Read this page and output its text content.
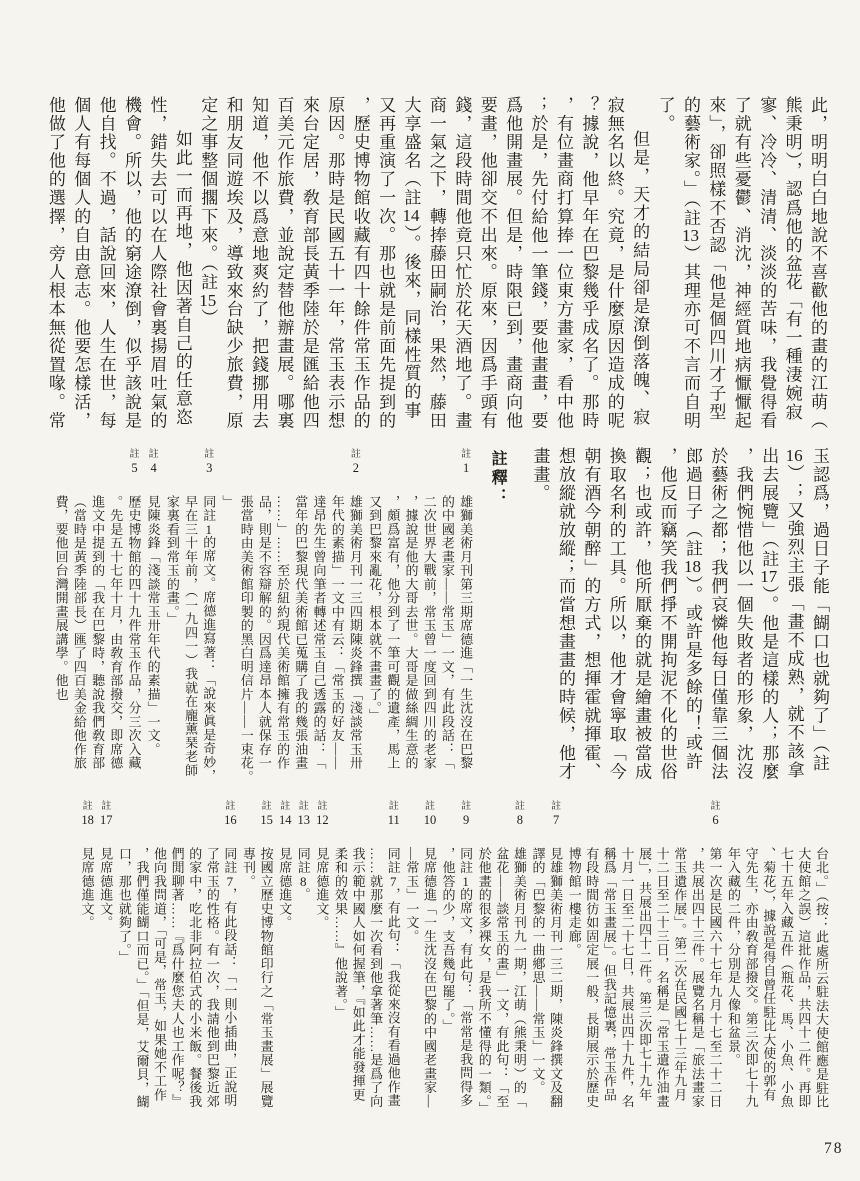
此，明明白白地說不喜歡他的畫的江萌（熊秉明），認爲他的盆花「有一種淒婉寂寥、冷冷、清清、淡淡的苦味，我覺得看了就有些憂鬱、消沈，神經質地病懨懨起來」，卻照樣不否認「他是個四川才子型的藝術家。」（註13）其理亦可不言而自明了。

但是，天才的結局卻是潦倒落魄、寂寂無名以終。究竟，是什麼原因造成的呢？據說，他早年在巴黎幾乎成名了。那時，有位畫商打算捧一位東方畫家，看中他；於是，先付給他一筆錢，要他畫畫，要爲他開畫展。但是，時限已到，畫商向他要畫，他卻交不出來。原來，因爲手頭有錢，這段時間他竟只忙於花天酒地了。畫商一氣之下，轉捧藤田嗣治，果然，藤田大享盛名（註14）。後來，同樣性質的事又再重演了一次。那也就是前面先提到的，歷史博物館收藏有四十餘件常玉作品的原因。那時是民國五十一年，常玉表示想來台定居，敎育部長黃季陸於是匯給他四百美元作旅費，並說定替他辦畫展。哪裏知道，他不以爲意地爽約了，把錢挪用去和朋友同遊埃及，導致來台缺少旅費，原定之事整個擱下來。（註15）

如此一而再地，他因著自己的任意恣性，錯失去可以在人際社會裏揚眉吐氣的機會。所以，他的窮途潦倒，似乎該說是他自找。不過，話說回來，人生在世，每個人有每個人的自由意志。他要怎樣活，他做了他的選擇，旁人根本無從置喙。常

玉認爲，過日子能「餬口也就夠了」（註16）；又強烈主張「畫不成熟，就不該拿出去展覽」（註17）。他是這樣的人；那麼，我們惋惜他以一個失敗者的形象，沈沒於藝術之都；我們哀憐他每日僅靠三個法郎過日子（註18）。或許是多餘的！或許，他反而竊笑我們掙不開拘泥不化的世俗觀；也或許，他所厭棄的就是繪畫被當成換取名利的工具。所以，他才會寧取「今朝有酒今朝醉」的方式，想揮霍就揮霍、想放縱就放縱；而當想畫畫的時候，他才畫畫。

註釋：
註
1
雄獅美術月刊第三期席德進「一生沈沒在巴黎的中國老畫家——常玉」一文，有此段話：「二次世界大戰前，常玉曾一度回到四川的老家，據說是他的大哥去世。大哥是做絲綢生意的，頗爲富有，他分到了一筆可觀的遺產，馬上又到巴黎來亂花，根本就不畫畫了。」
註
2
雄獅美術月刊一三四期陳炎鋒撰「淺談常玉卅年代的素描」一文中有云：「常玉的好友——達昂先生曾向筆者轉述常玉自己透露的話：「當年的巴黎現代美術館已蒐購了我的幾張油畫……」……至於紐約現代美術館擁有常玉的作品，則是不容辯解的。因爲達昂本人就保存一張當時由美術館印製的黑白明信片——一束花。」
註
3
同註1的席文。席德進寫著：「說來眞是奇妙，早在三十年前，（一九四一）我就在龐薰琹老師家裏看到常玉的畫。」
註
4
見陳炎鋒「淺談常玉卅年代的素描」一文。
註
5
歷史博物館的四十九件常玉作品，分三次入藏。先是五十七年十月，由敎育部撥交，即席德進文中提到的「我在巴黎時，聽說我們敎育部（當時是黃季陸部長）匯了四百美金給他作旅費，要他回台灣開畫展講學。他也
台北。」（按：此處所云駐法大使館應是駐比大使館之誤）這批作品，共四十二件。再即七十五年入藏五件（瓶花、馬、小魚、小魚、菊花），據說是得自曾任駐比大使的郭有守先生，亦由敎育部撥交。第三次即七十九年入藏的二件，分別是人像和盆景。
註
6
第一次是民國六十七年九月十七至二十二日，共展出四十三件。展覽名稱是「旅法畫家常玉遺作展」。第二次在民國七十三年九月十二日至二十三日，名稱是「常玉遺作油畫展」，共展出四十二件。第三次即七十九年十月一日至二十七日，共展出四十九件，名稱爲「常玉畫展」。但我記憶裏，常玉作品有段時間彷如固定展一般，長期展示於歷史博物館一樓走廊。
註
7
見雄獅美術月刊一三二期，陳炎鋒撰文及翻譯的「巴黎的一曲鄕思——常玉」一文。
註
8
雄獅美術月刊九一期，江萌（熊秉明）的「盆花——談常玉的畫」一文，有此句：「至於他畫的很多裸女，是我所不懂得的一類。」
註
9
同註1的席文，有此句：「常常是我問得多，他答的少，支吾幾句罷了。」
註
10
見席德進「一生沈沒在巴黎的中國老畫家——常玉」一文。
註
11
同註7，有此句：「我從來沒有看過他作畫……就那麼一次看到他拿著筆……是爲了向我示範中國人如何握筆，『如此才能發揮更柔和的效果……』他說著。」
註
12
見席德進文。
註
13
同註8。
註
14
見席德進文。
註
15
按國立歷史博物館印行之「常玉畫展」展覽專刊。
註
16
同註7，有此段話：「一則小插曲，正說明了常玉的性格。有一次，我請他到巴黎近郊的家中，吃北非阿拉伯式的小米飯。餐後我們閒聊著……『爲什麼您夫人也工作呢？』他向我問道，「可是，常玉，如果她不工作，我們僅能餬口而已。」「但是，艾爾貝，餬口，那也就夠了。」
註
17
見席德進文。
註
18
見席德進文。
78
